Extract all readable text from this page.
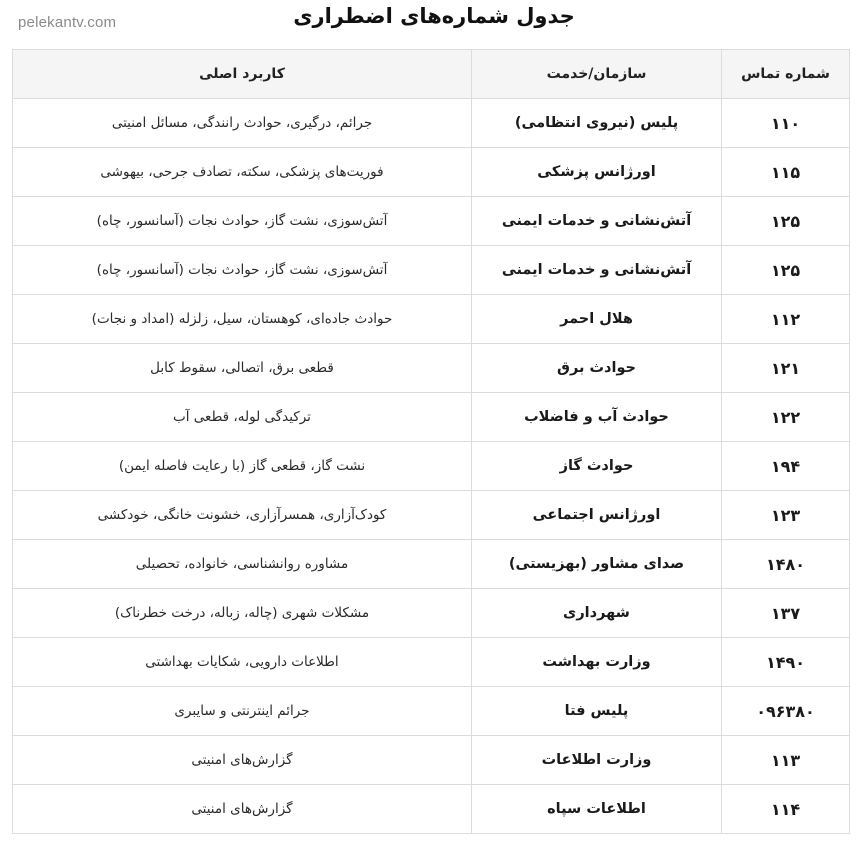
pelekantv.com	جدول شماره‌های اضطراری
شماره تماس	سازمان/خدمت	کاربرد اصلی
۱۱۰	پلیس (نیروی انتظامی)	جرائم، درگیری، حوادث رانندگی، مسائل امنیتی
۱۱۵	اورژانس پزشکی	فوریت‌های پزشکی، سکته، تصادف جرحی، بیهوشی
۱۲۵	آتش‌نشانی و خدمات ایمنی	آتش‌سوزی، نشت گاز، حوادث نجات (آسانسور، چاه)
۱۲۵	آتش‌نشانی و خدمات ایمنی	آتش‌سوزی، نشت گاز، حوادث نجات (آسانسور، چاه)
۱۱۲	هلال احمر	حوادث جاده‌ای، کوهستان، سیل، زلزله (امداد و نجات)
۱۲۱	حوادث برق	قطعی برق، اتصالی، سقوط کابل
۱۲۲	حوادث آب و فاضلاب	ترکیدگی لوله، قطعی آب
۱۹۴	حوادث گاز	نشت گاز، قطعی گاز (با رعایت فاصله ایمن)
۱۲۳	اورژانس اجتماعی	کودک‌آزاری، همسرآزاری، خشونت خانگی، خودکشی
۱۴۸۰	صدای مشاور (بهزیستی)	مشاوره روانشناسی، خانواده، تحصیلی
۱۳۷	شهرداری	مشکلات شهری (چاله، زباله، درخت خطرناک)
۱۴۹۰	وزارت بهداشت	اطلاعات دارویی، شکایات بهداشتی
۰۹۶۳۸۰	پلیس فتا	جرائم اینترنتی و سایبری
۱۱۳	وزارت اطلاعات	گزارش‌های امنیتی
۱۱۴	اطلاعات سپاه	گزارش‌های امنیتی
